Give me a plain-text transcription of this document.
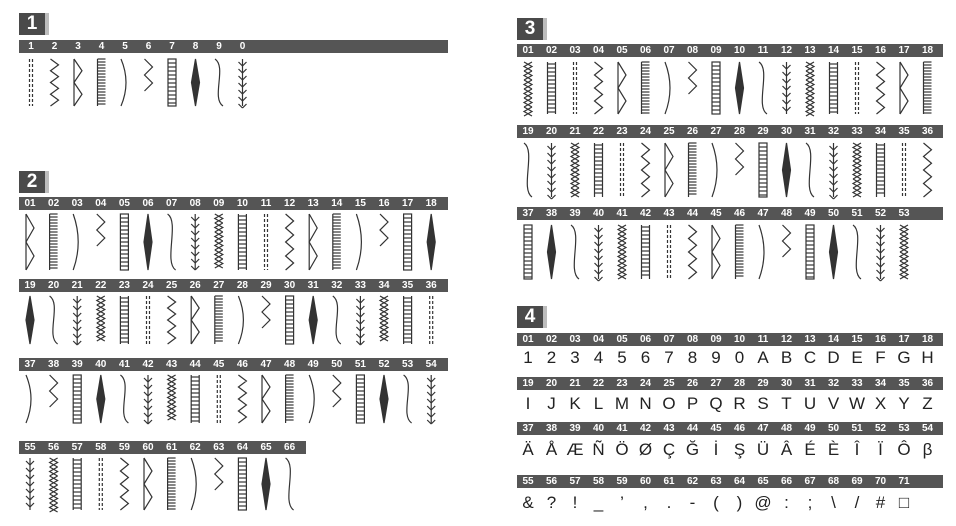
1
1 2 3 4 5 6 7 8 9 0
2
01 02 03 04 05 06 07 08 09 10 11 12 13 14 15 16 17 18
19 20 21 22 23 24 25 26 27 28 29 30 31 32 33 34 35 36
37 38 39 40 41 42 43 44 45 46 47 48 49 50 51 52 53 54
55 56 57 58 59 60 61 62 63 64 65 66
3
01 02 03 04 05 06 07 08 09 10 11 12 13 14 15 16 17 18
19 20 21 22 23 24 25 26 27 28 29 30 31 32 33 34 35 36
37 38 39 40 41 42 43 44 45 46 47 48 49 50 51 52 53
4
01 02 03 04 05 06 07 08 09 10 11 12 13 14 15 16 17 18
1 2 3 4 5 6 7 8 9 0 A B C D E F G H
19 20 21 22 23 24 25 26 27 28 29 30 31 32 33 34 35 36
I J K L M N O P Q R S T U V W X Y Z
37 38 39 40 41 42 43 44 45 46 47 48 49 50 51 52 53 54
Ä Å Æ Ñ Ö Ø Ç Ğ İ Ş Ü Â É È Î Ï Ô β
55 56 57 58 59 60 61 62 63 64 65 66 67 68 69 70 71
& ? ! _ ’ , . - ( ) @ : ; \ / # □
